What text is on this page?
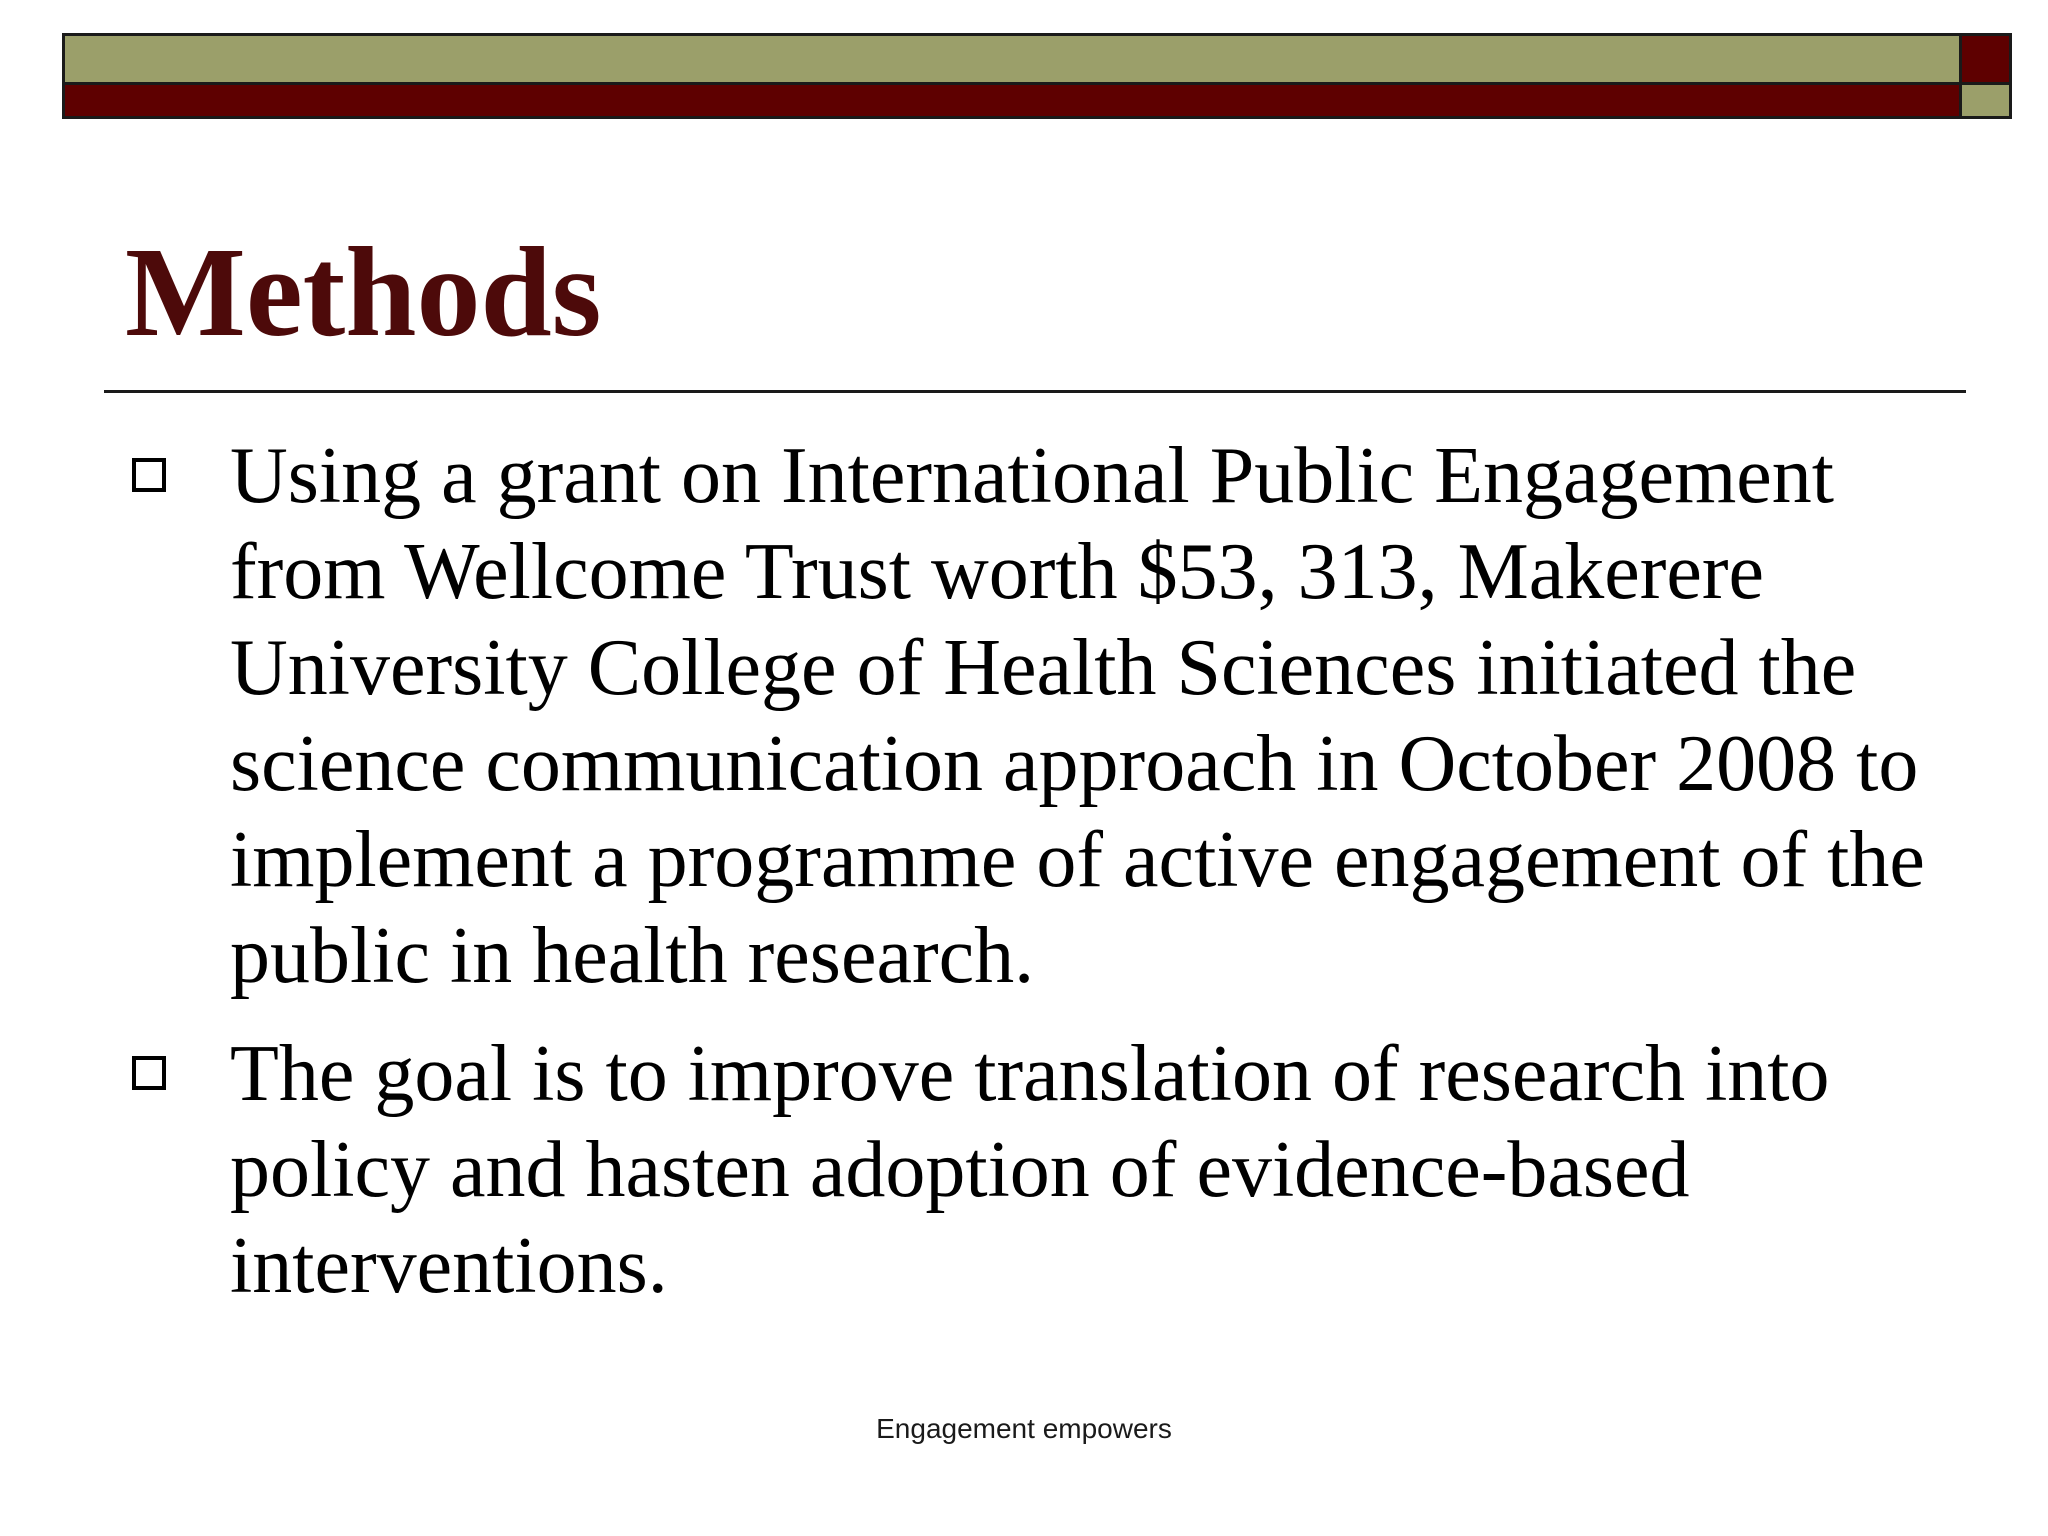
Methods
Using a grant on International Public Engagement from Wellcome Trust worth $53, 313, Makerere University College of Health Sciences initiated the science communication approach in October 2008 to implement a programme of active engagement of the public in health research.
The goal is to improve translation of research into policy and hasten adoption of evidence-based interventions.
Engagement empowers
